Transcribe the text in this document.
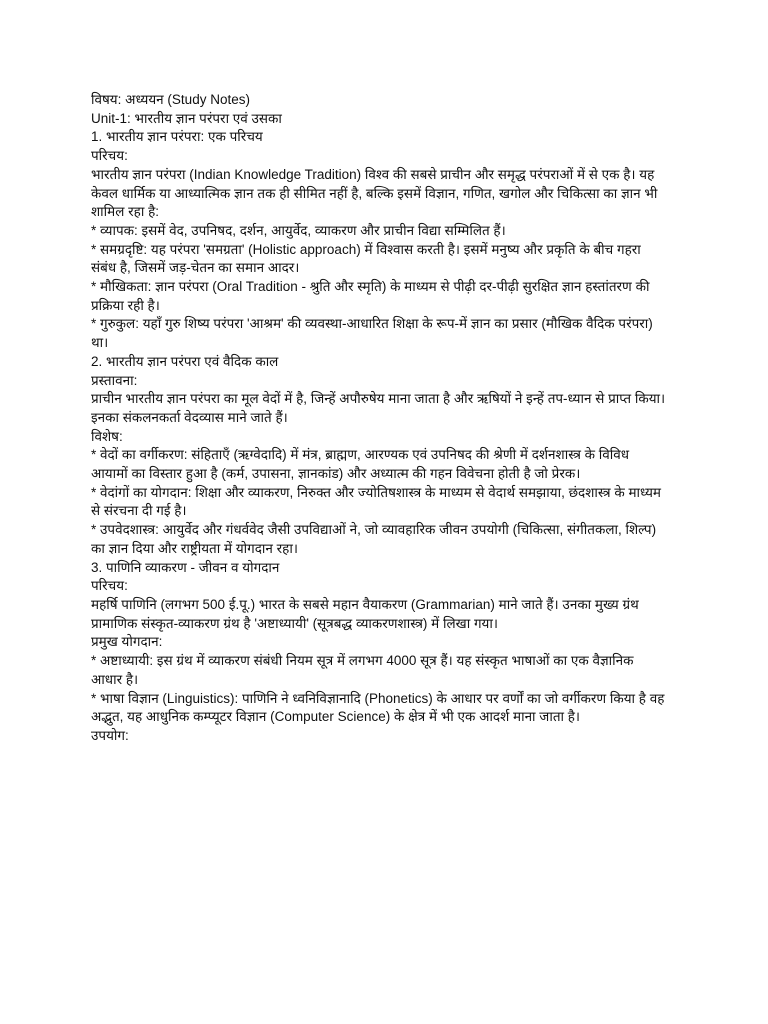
विषय: अध्ययन (Study Notes)
Unit-1: भारतीय ज्ञान परंपरा एवं उसका
1. भारतीय ज्ञान परंपरा: एक परिचय
परिचय:
भारतीय ज्ञान परंपरा (Indian Knowledge Tradition) विश्व की सबसे प्राचीन और समृद्ध परंपराओं में से एक है। यह केवल धार्मिक या आध्यात्मिक ज्ञान तक ही सीमित नहीं है, बल्कि इसमें विज्ञान, गणित, खगोल और चिकित्सा का ज्ञान भी शामिल रहा है:
* व्यापक: इसमें वेद, उपनिषद, दर्शन, आयुर्वेद, व्याकरण और प्राचीन विद्या सम्मिलित हैं।
* समग्रदृष्टि: यह परंपरा 'समग्रता' (Holistic approach) में विश्वास करती है। इसमें मनुष्य और प्रकृति के बीच गहरा संबंध है, जिसमें जड़-चेतन का समान आदर।
* मौखिकता: ज्ञान परंपरा (Oral Tradition - श्रुति और स्मृति) के माध्यम से पीढ़ी दर-पीढ़ी सुरक्षित ज्ञान हस्तांतरण की प्रक्रिया रही है।
* गुरुकुल: यहाँ गुरु शिष्य परंपरा 'आश्रम' की व्यवस्था-आधारित शिक्षा के रूप-में ज्ञान का प्रसार (मौखिक वैदिक परंपरा) था।
2. भारतीय ज्ञान परंपरा एवं वैदिक काल
प्रस्तावना:
प्राचीन भारतीय ज्ञान परंपरा का मूल वेदों में है, जिन्हें अपौरुषेय माना जाता है और ऋषियों ने इन्हें तप-ध्यान से प्राप्त किया। इनका संकलनकर्ता वेदव्यास माने जाते हैं।
विशेष:
* वेदों का वर्गीकरण: संहिताएँ (ऋग्वेदादि) में मंत्र, ब्राह्मण, आरण्यक एवं उपनिषद की श्रेणी में दर्शनशास्त्र के विविध आयामों का विस्तार हुआ है (कर्म, उपासना, ज्ञानकांड) और अध्यात्म की गहन विवेचना होती है जो प्रेरक।
* वेदांगों का योगदान: शिक्षा और व्याकरण, निरुक्त और ज्योतिषशास्त्र के माध्यम से वेदार्थ समझाया, छंदशास्त्र के माध्यम से संरचना दी गई है।
* उपवेदशास्त्र: आयुर्वेद और गंधर्ववेद जैसी उपविद्याओं ने, जो व्यावहारिक जीवन उपयोगी (चिकित्सा, संगीतकला, शिल्प) का ज्ञान दिया और राष्ट्रीयता में योगदान रहा।
3. पाणिनि व्याकरण - जीवन व योगदान
परिचय:
महर्षि पाणिनि (लगभग 500 ई.पू.) भारत के सबसे महान वैयाकरण (Grammarian) माने जाते हैं। उनका मुख्य ग्रंथ प्रामाणिक संस्कृत-व्याकरण ग्रंथ है 'अष्टाध्यायी' (सूत्रबद्ध व्याकरणशास्त्र) में लिखा गया।
प्रमुख योगदान:
* अष्टाध्यायी: इस ग्रंथ में व्याकरण संबंधी नियम सूत्र में लगभग 4000 सूत्र हैं। यह संस्कृत भाषाओं का एक वैज्ञानिक आधार है।
* भाषा विज्ञान (Linguistics): पाणिनि ने ध्वनिविज्ञानादि (Phonetics) के आधार पर वर्णों का जो वर्गीकरण किया है वह अद्भुत, यह आधुनिक कम्प्यूटर विज्ञान (Computer Science) के क्षेत्र में भी एक आदर्श माना जाता है।
उपयोग:
